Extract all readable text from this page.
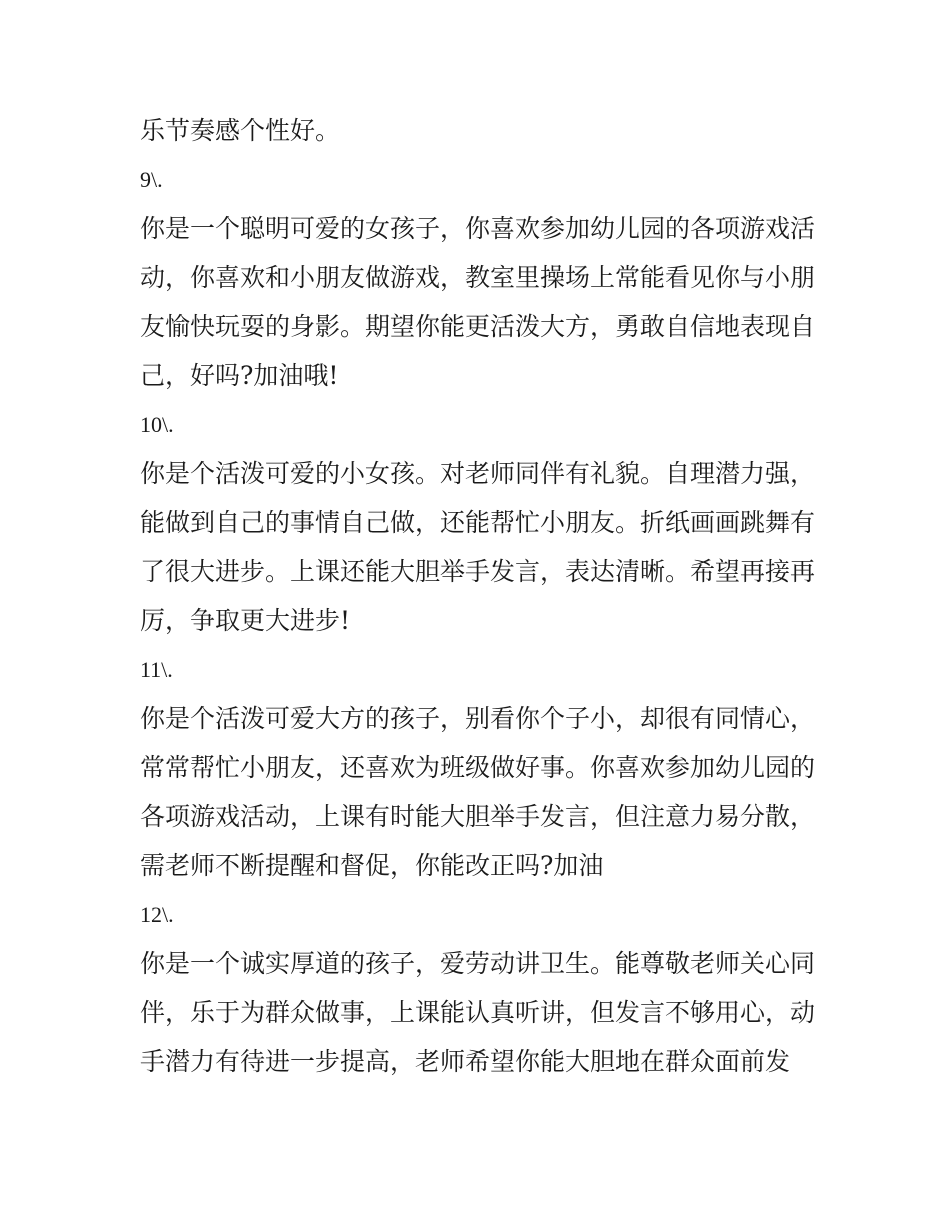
乐节奏感个性好。
9\.
你是一个聪明可爱的女孩子，你喜欢参加幼儿园的各项游戏活
动，你喜欢和小朋友做游戏，教室里操场上常能看见你与小朋
友愉快玩耍的身影。期望你能更活泼大方，勇敢自信地表现自
己，好吗?加油哦!
10\.
你是个活泼可爱的小女孩。对老师同伴有礼貌。自理潜力强，
能做到自己的事情自己做，还能帮忙小朋友。折纸画画跳舞有
了很大进步。上课还能大胆举手发言，表达清晰。希望再接再
厉，争取更大进步!
11\.
你是个活泼可爱大方的孩子，别看你个子小，却很有同情心，
常常帮忙小朋友，还喜欢为班级做好事。你喜欢参加幼儿园的
各项游戏活动，上课有时能大胆举手发言，但注意力易分散，
需老师不断提醒和督促，你能改正吗?加油
12\.
你是一个诚实厚道的孩子，爱劳动讲卫生。能尊敬老师关心同
伴，乐于为群众做事，上课能认真听讲，但发言不够用心，动
手潜力有待进一步提高，老师希望你能大胆地在群众面前发
